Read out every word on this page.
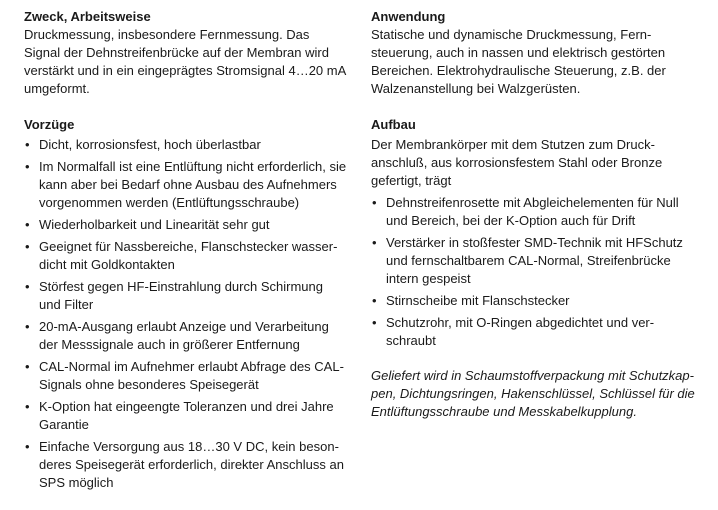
Zweck, Arbeitsweise

Druckmessung, insbesondere Fernmessung. Das
Signal der Dehnstreifenbrücke auf der Membran wird
verstärkt und in ein eingeprägtes Stromsignal 4…20 mA
umgeformt.

Vorzüge
• Dicht, korrosionsfest, hoch überlastbar
• Im Normalfall ist eine Entlüftung nicht erforderlich, sie
kann aber bei Bedarf ohne Ausbau des Aufnehmers
vorgenommen werden (Entlüftungsschraube)
• Wiederholbarkeit und Linearität sehr gut
• Geeignet für Nassbereiche, Flanschstecker wasser-
dicht mit Goldkontakten
• Störfest gegen HF-Einstrahlung durch Schirmung
und Filter
• 20-mA-Ausgang erlaubt Anzeige und Verarbeitung
der Messsignale auch in größerer Entfernung
• CAL-Normal im Aufnehmer erlaubt Abfrage des CAL-
Signals ohne besonderes Speisegerät
• K-Option hat eingeengte Toleranzen und drei Jahre
Garantie
• Einfache Versorgung aus 18…30 V DC, kein beson-
deres Speisegerät erforderlich, direkter Anschluss an
SPS möglich
Anwendung

Statische und dynamische Druckmessung, Fern-
steuerung, auch in nassen und elektrisch gestörten
Bereichen. Elektrohydraulische Steuerung, z.B. der
Walzenanstellung bei Walzgerüsten.

Aufbau

Der Membrankörper mit dem Stutzen zum Druck-
anschluß, aus korrosionsfestem Stahl oder Bronze
gefertigt, trägt

• Dehnstreifenrosette mit Abgleichelementen für Null
und Bereich, bei der K-Option auch für Drift
• Verstärker in stoßfester SMD-Technik mit HFSchutz
und fernschaltbarem CAL-Normal, Streifenbrücke
intern gespeist
• Stirnscheibe mit Flanschstecker
• Schutzrohr, mit O-Ringen abgedichtet und ver-
schraubt

Geliefert wird in Schaumstoffverpackung mit Schutzkap-
pen, Dichtungsringen, Hakenschlüssel, Schlüssel für die
Entlüftungsschraube und Messkabelkupplung.
